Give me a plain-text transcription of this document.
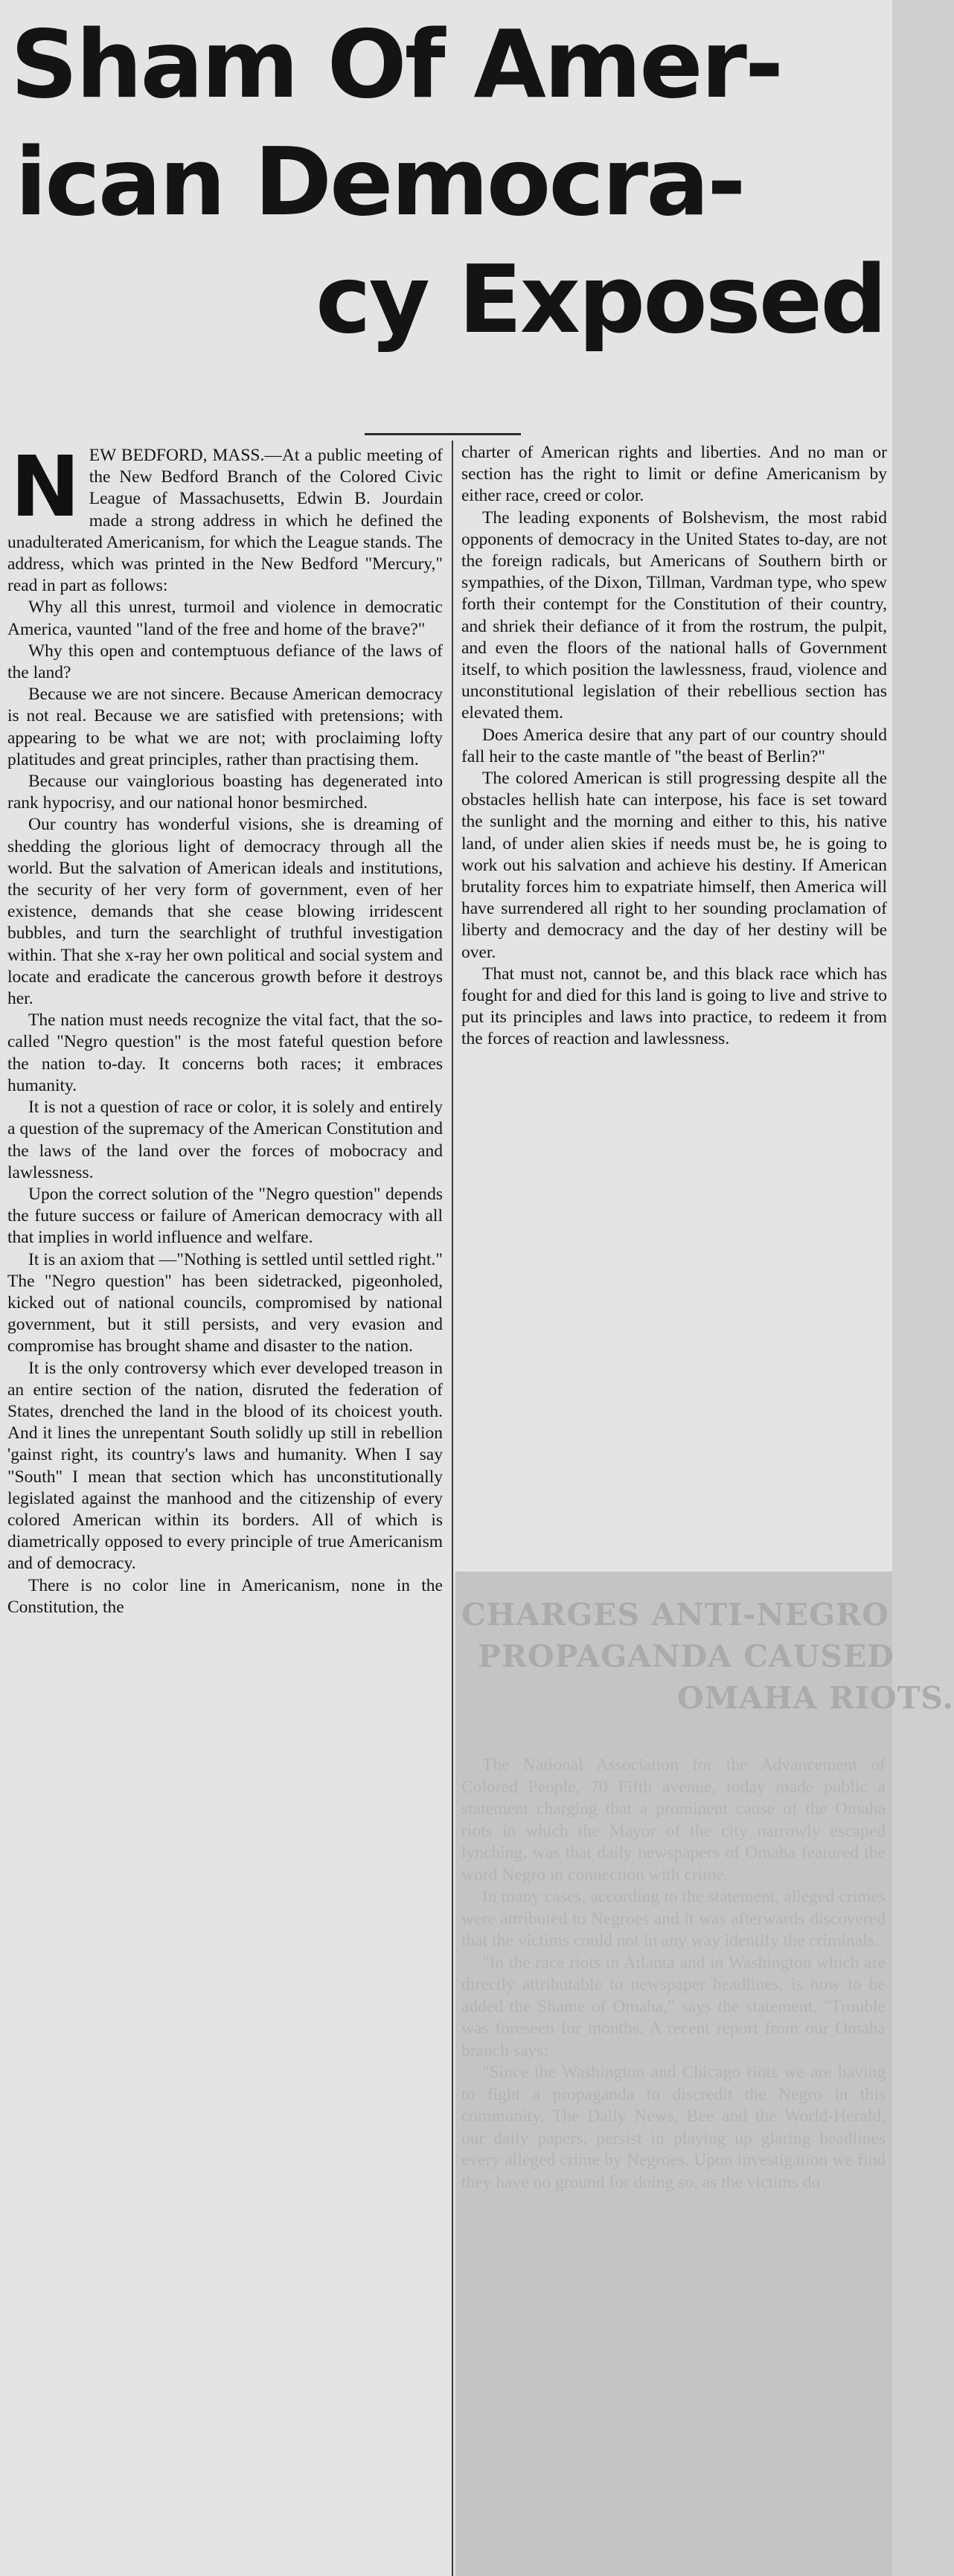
Sham Of Amer-
ican Democra-
cy Exposed

NEW BEDFORD, MASS.—At a public meeting of the New Bedford Branch of the Colored Civic League of Massachusetts, Edwin B. Jourdain made a strong address in which he defined the unadulterated Americanism, for which the League stands. The address, which was printed in the New Bedford "Mercury," read in part as follows:

Why all this unrest, turmoil and violence in democratic America, vaunted "land of the free and home of the brave?"

Why this open and contemptuous defiance of the laws of the land?

Because we are not sincere. Because American democracy is not real. Because we are satisfied with pretensions; with appearing to be what we are not; with proclaiming lofty platitudes and great principles, rather than practising them.

Because our vainglorious boasting has degenerated into rank hypocrisy, and our national honor besmirched.

Our country has wonderful visions, she is dreaming of shedding the glorious light of democracy through all the world. But the salvation of American ideals and institutions, the security of her very form of government, even of her existence, demands that she cease blowing irridescent bubbles, and turn the searchlight of truthful investigation within. That she x-ray her own political and social system and locate and eradicate the cancerous growth before it destroys her.

The nation must needs recognize the vital fact, that the so-called "Negro question" is the most fateful question before the nation to-day. It concerns both races; it embraces humanity.

It is not a question of race or color, it is solely and entirely a question of the supremacy of the American Constitution and the laws of the land over the forces of mobocracy and lawlessness.

Upon the correct solution of the "Negro question" depends the future success or failure of American democracy with all that implies in world influence and welfare.

It is an axiom that —"Nothing is settled until settled right." The "Negro question" has been sidetracked, pigeonholed, kicked out of national councils, compromised by national government, but it still persists, and very evasion and compromise has brought shame and disaster to the nation.

It is the only controversy which ever developed treason in an entire section of the nation, disruted the federation of States, drenched the land in the blood of its choicest youth. And it lines the unrepentant South solidly up still in rebellion 'gainst right, its country's laws and humanity. When I say "South" I mean that section which has unconstitutionally legislated against the manhood and the citizenship of every colored American within its borders. All of which is diametrically opposed to every principle of true Americanism and of democracy.

There is no color line in Americanism, none in the Constitution, the

charter of American rights and liberties. And no man or section has the right to limit or define Americanism by either race, creed or color.

The leading exponents of Bolshevism, the most rabid opponents of democracy in the United States to-day, are not the foreign radicals, but Americans of Southern birth or sympathies, of the Dixon, Tillman, Vardman type, who spew forth their contempt for the Constitution of their country, and shriek their defiance of it from the rostrum, the pulpit, and even the floors of the national halls of Government itself, to which position the lawlessness, fraud, violence and unconstitutional legislation of their rebellious section has elevated them.

Does America desire that any part of our country should fall heir to the caste mantle of "the beast of Berlin?"

The colored American is still progressing despite all the obstacles hellish hate can interpose, his face is set toward the sunlight and the morning and either to this, his native land, of under alien skies if needs must be, he is going to work out his salvation and achieve his destiny. If American brutality forces him to expatriate himself, then America will have surrendered all right to her sounding proclamation of liberty and democracy and the day of her destiny will be over.

That must not, cannot be, and this black race which has fought for and died for this land is going to live and strive to put its principles and laws into practice, to redeem it from the forces of reaction and lawlessness.

CHARGES ANTI-NEGRO
PROPAGANDA CAUSED
OMAHA RIOTS.

The National Association for the Advancement of Colored People, 70 Fifth avenue, today made public a statement charging that a prominent cause of the Omaha riots in which the Mayor of the city narrowly escaped lynching, was that daily newspapers of Omaha featured the word Negro in connection with crime.

In many cases, according to the statement, alleged crimes were attributed to Negroes and it was afterwards discovered that the victims could not in any way identify the criminals.

"In the race riots in Atlanta and in Washington which are directly attributable to newspaper headlines, is now to be added the Shame of Omaha," says the statement. "Trouble was foreseen for months. A recent report from our Omaha branch says:

"Since the Washington and Chicago riots we are having to fight a propaganda to discredit the Negro in this community. The Daily News, Bee and the World-Herald, our daily papers, persist in playing up glaring headlines every alleged crime by Negroes. Upon investigation we find they have no ground for doing so, as the victims do
